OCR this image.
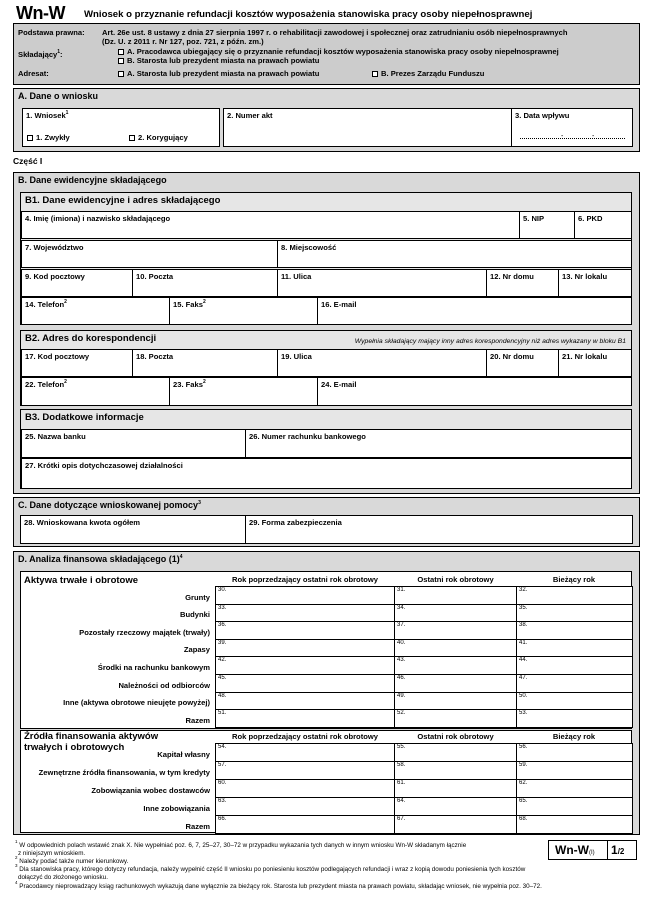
Wn-W Wniosek o przyznanie refundacji kosztów wyposażenia stanowiska pracy osoby niepełnosprawnej
Podstawa prawna: Art. 26e ust. 8 ustawy z dnia 27 sierpnia 1997 r. o rehabilitacji zawodowej i społecznej oraz zatrudnianiu osób niepełnosprawnych
(Dz. U. z 2011 r. Nr 127, poz. 721, z późn. zm.)
Składający$^1$:	A. Pracodawca ubiegający się o przyznanie refundacji kosztów wyposażenia stanowiska pracy osoby niepełnosprawnej
B. Starosta lub prezydent miasta na prawach powiatu
Adresat:	A. Starosta lub prezydent miasta na prawach powiatu	B. Prezes Zarządu Funduszu
A. Dane o wniosku
1. Wniosek$^1$
1. Zwykły	2. Korygujący
2. Numer akt	3. Data wpływu
-	-
Część I
B. Dane ewidencyjne składającego
B1. Dane ewidencyjne i adres składającego
4. Imię (imiona) i nazwisko składającego	5. NIP	6. PKD
7. Województwo	8. Miejscowość
9. Kod pocztowy	10. Poczta	11. Ulica	12. Nr domu	13. Nr lokalu
14. Telefon$^2$	15. Faks$^2$	16. E-mail
B2. Adres do korespondencji	Wypełnia składający mający inny adres korespondencyjny niż adres wykazany w bloku B1
17. Kod pocztowy	18. Poczta	19. Ulica	20. Nr domu	21. Nr lokalu
22. Telefon$^2$	23. Faks$^2$	24. E-mail
B3. Dodatkowe informacje
25. Nazwa banku	26. Numer rachunku bankowego
27. Krótki opis dotychczasowej działalności
C. Dane dotyczące wnioskowanej pomocy$^3$
28. Wnioskowana kwota ogółem	29. Forma zabezpieczenia
D. Analiza finansowa składającego $(1)^4$
Aktywa trwałe i obrotowe	Rok poprzedzający ostatni rok obrotowy	Ostatni rok obrotowy	Bieżący rok
Grunty
30.	31.	32.
Budynki
33.	34.	35.
Pozostały rzeczowy majątek (trwały)
36.	37.	38.
Zapasy
39.	40.	41.
Środki na rachunku bankowym
42.	43.	44.
Należności od odbiorców
45.	46.	47.
Inne (aktywa obrotowe nieujęte powyżej)
48.	49.	50.
Razem
51.	52.	53.
Źródła finansowania aktywów
trwałych i obrotowych
Rok poprzedzający ostatni rok obrotowy	Ostatni rok obrotowy	Bieżący rok
Kapitał własny
54.	55.	56.
Zewnętrzne źródła finansowania, w tym kredyty
57.	58.	59.
Zobowiązania wobec dostawców
60.	61.	62.
Inne zobowiązania
63.	64.	65.
Razem
66.	67.	68.
$^1$ W odpowiednich polach wstawić znak X. Nie wypełniać poz. 6, 7, 25–27, 30–72 w przypadku wykazania tych danych w innym wniosku Wn-W składanym łącznie
z niniejszym wnioskiem.
$^2$ Należy podać także numer kierunkowy.
$^3$ Dla stanowiska pracy, którego dotyczy refundacja, należy wypełnić część II wniosku po poniesieniu kosztów podlegających refundacji i wraz z kopią dowodu poniesienia tych kosztów
dołączyć do złożonego wniosku.
$^4$ Pracodawcy nieprowadzący ksiąg rachunkowych wykazują dane wyłącznie za bieżący rok. Starosta lub prezydent miasta na prawach powiatu, składając wniosek, nie wypełnia poz. 30–72.
Wn-W(I) 1/2
